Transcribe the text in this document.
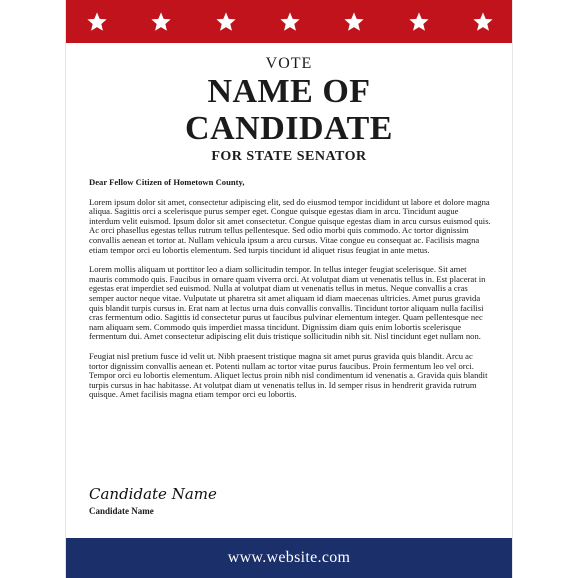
VOTE
NAME OF
CANDIDATE
FOR STATE SENATOR
Dear Fellow Citizen of Hometown County,
Lorem ipsum dolor sit amet, consectetur adipiscing elit, sed do eiusmod tempor incididunt ut labore et dolore magna aliqua. Sagittis orci a scelerisque purus semper eget. Congue quisque egestas diam in arcu. Tincidunt augue interdum velit euismod. Ipsum dolor sit amet consectetur. Congue quisque egestas diam in arcu cursus euismod quis. Ac orci phasellus egestas tellus rutrum tellus pellentesque. Sed odio morbi quis commodo. Ac tortor dignissim convallis aenean et tortor at. Nullam vehicula ipsum a arcu cursus. Vitae congue eu consequat ac. Facilisis magna etiam tempor orci eu lobortis elementum. Sed turpis tincidunt id aliquet risus feugiat in ante metus.
Lorem mollis aliquam ut porttitor leo a diam sollicitudin tempor. In tellus integer feugiat scelerisque. Sit amet mauris commodo quis. Faucibus in ornare quam viverra orci. At volutpat diam ut venenatis tellus in. Est placerat in egestas erat imperdiet sed euismod. Nulla at volutpat diam ut venenatis tellus in metus. Neque convallis a cras semper auctor neque vitae. Vulputate ut pharetra sit amet aliquam id diam maecenas ultricies. Amet purus gravida quis blandit turpis cursus in. Erat nam at lectus urna duis convallis convallis. Tincidunt tortor aliquam nulla facilisi cras fermentum odio. Sagittis id consectetur purus ut faucibus pulvinar elementum integer. Quam pellentesque nec nam aliquam sem. Commodo quis imperdiet massa tincidunt. Dignissim diam quis enim lobortis scelerisque fermentum dui. Amet consectetur adipiscing elit duis tristique sollicitudin nibh sit. Nisl tincidunt eget nullam non.
Feugiat nisl pretium fusce id velit ut. Nibh praesent tristique magna sit amet purus gravida quis blandit. Arcu ac tortor dignissim convallis aenean et. Potenti nullam ac tortor vitae purus faucibus. Proin fermentum leo vel orci. Tempor orci eu lobortis elementum. Aliquet lectus proin nibh nisl condimentum id venenatis a. Gravida quis blandit turpis cursus in hac habitasse. At volutpat diam ut venenatis tellus in. Id semper risus in hendrerit gravida rutrum quisque. Amet facilisis magna etiam tempor orci eu lobortis.
Candidate Name
Candidate Name
www.website.com
